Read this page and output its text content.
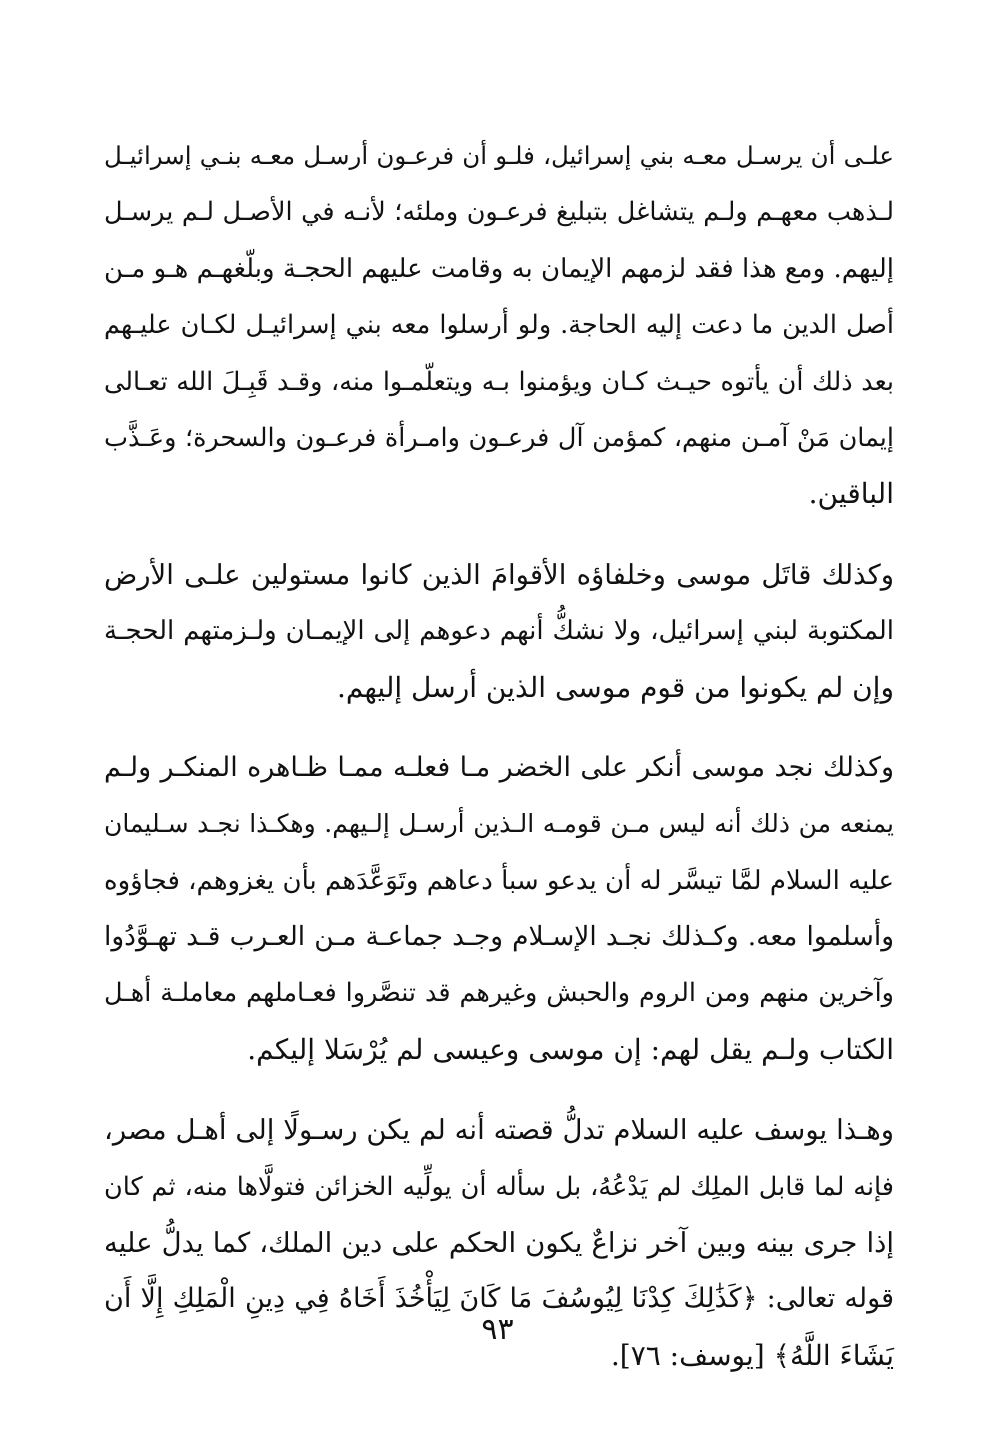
علـى أن يرسـل معـه بني إسرائيل، فلـو أن فرعـون أرسـل معـه بنـي إسرائيـل
لـذهب معهـم ولـم يتشاغل بتبليغ فرعـون وملئه؛ لأنـه في الأصـل لـم يرسـل
إليهم. ومع هذا فقد لزمهم الإيمان به وقامت عليهم الحجـة وبلّغهـم هـو مـن
أصل الدين ما دعت إليه الحاجة. ولو أرسلوا معه بني إسرائيـل لكـان عليـهم
بعد ذلك أن يأتوه حيـث كـان ويؤمنوا بـه ويتعلّمـوا منه، وقـد قَبِـلَ الله تعـالى
إيمان مَنْ آمـن منهم، كمؤمن آل فرعـون وامـرأة فرعـون والسحرة؛ وعَـذَّب
الباقين.
وكذلك قاتَل موسى وخلفاؤه الأقوامَ الذين كانوا مستولين علـى الأرض
المكتوبة لبني إسرائيل، ولا نشكُّ أنهم دعوهم إلى الإيمـان ولـزمتهم الحجـة
وإن لم يكونوا من قوم موسى الذين أرسل إليهم.
وكذلك نجد موسى أنكر على الخضر مـا فعلـه ممـا ظـاهره المنكـر ولـم
يمنعه من ذلك أنه ليس مـن قومـه الـذين أرسـل إلـيهم. وهكـذا نجـد سـليمان
عليه السلام لمَّا تيسَّر له أن يدعو سبأ دعاهم وتَوَعَّدَهم بأن يغزوهم، فجاؤوه
وأسلموا معه. وكـذلك نجـد الإسـلام وجـد جماعـة مـن العـرب قـد تهـوَّدُوا
وآخرين منهم ومن الروم والحبش وغيرهم قد تنصَّروا فعـاملهم معاملـة أهـل
الكتاب ولـم يقل لهم: إن موسى وعيسى لم يُرْسَلا إليكم.
وهـذا يوسف عليه السلام تدلُّ قصته أنه لم يكن رسـولًا إلى أهـل مصر،
فإنه لما قابل الملِك لم يَدْعُهُ، بل سأله أن يولِّيه الخزائن فتولَّاها منه، ثم كان
إذا جرى بينه وبين آخر نزاعٌ يكون الحكم على دين الملك، كما يدلُّ عليه
قوله تعالى: ﴿كَذَٰلِكَ كِدْنَا لِيُوسُفَ مَا كَانَ لِيَأْخُذَ أَخَاهُ فِي دِينِ الْمَلِكِ إِلَّا أَن
يَشَاءَ اللَّهُ﴾ [يوسف: ٧٦].
٩٣
